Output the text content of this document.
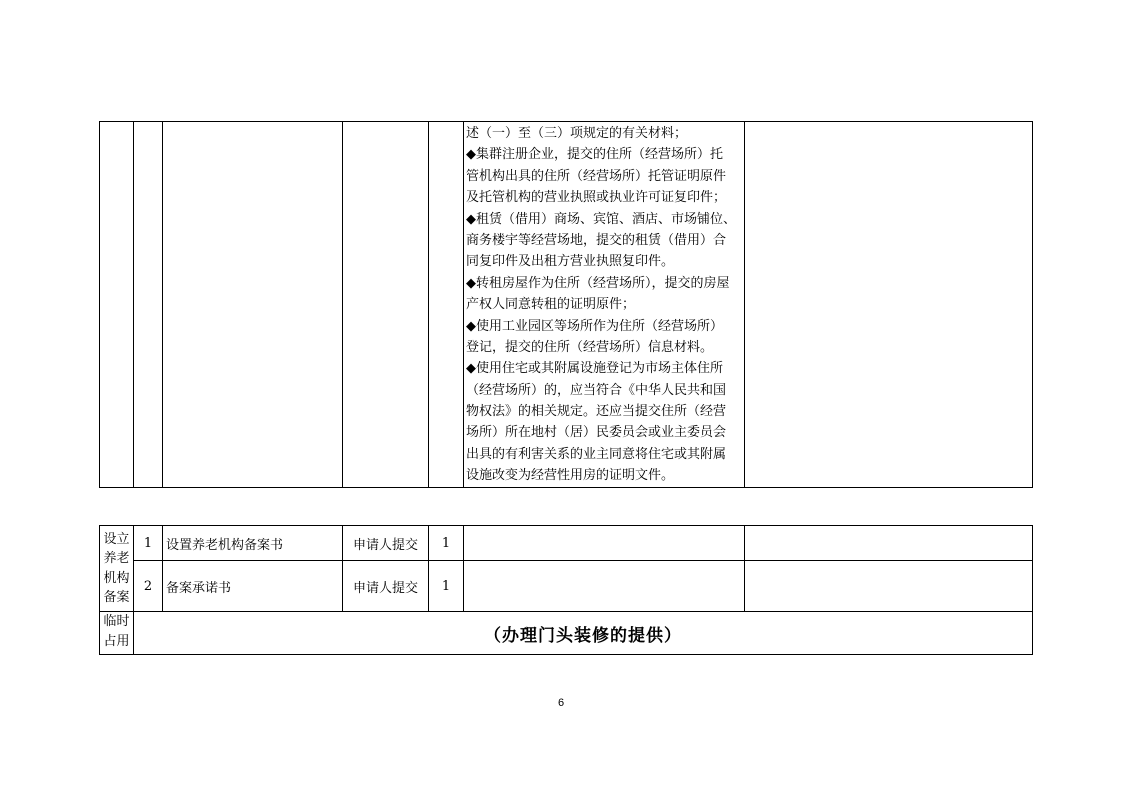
述（一）至（三）项规定的有关材料；
◆集群注册企业，提交的住所（经营场所）托
管机构出具的住所（经营场所）托管证明原件
及托管机构的营业执照或执业许可证复印件；
◆租赁（借用）商场、宾馆、酒店、市场铺位、
商务楼宇等经营场地，提交的租赁（借用）合
同复印件及出租方营业执照复印件。
◆转租房屋作为住所（经营场所），提交的房屋
产权人同意转租的证明原件；
◆使用工业园区等场所作为住所（经营场所）
登记，提交的住所（经营场所）信息材料。
◆使用住宅或其附属设施登记为市场主体住所
（经营场所）的，应当符合《中华人民共和国
物权法》的相关规定。还应当提交住所（经营
场所）所在地村（居）民委员会或业主委员会
出具的有利害关系的业主同意将住宅或其附属
设施改变为经营性用房的证明文件。

设立
养老
机构
备案	1	设置养老机构备案书	申请人提交	1		
	2	备案承诺书	申请人提交	1		

临时
占用	（办理门头装修的提供）					
6
